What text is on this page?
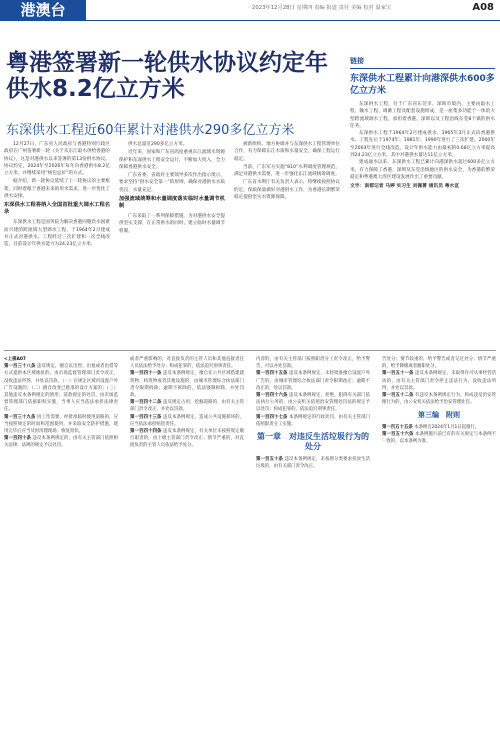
港澳台	2023年12月28日 星期四 责编 报道 责任 美编 校对 温家宝	A08
粤港签署新一轮供水协议约定年供水8.2亿立方米
东深供水工程近60年累计对港供水290多亿立方米

12月27日，广东省人民政府与香港特别行政区政府在广州签署新一轮《关于从东江取水供给香港的协议》，这是对港供水以来签署的第13份供水协议。协议约定，2024年至2026年每年向香港供水8.2亿立方米，并继续采用“统包总价”的方式。

据介绍，新一轮协议延续了上一轮协议的主要框架，同时着眼于香港未来的用水需求，进一步优化了供水安排。

东深供水工程将纳入全国首批重大调水工程名录

东深供水工程是国务院为解决香港同胞饮水困难而兴建的跨流域大型调水工程，于1964年2月建成并正式对港供水。工程经过三次扩建和一次全线改造，目前设计年供水能力为24.23亿立方米。

供水总量近290多亿立方米。

近年来，国家和广东省高度重视东江流域水资源保护和东深供水工程安全运行，不断加大投入，全力保障香港供水安全。

广东省委、省政府主要领导多次作出指示批示，要求坚持“供水安全第一”的原则，确保对港供水水质优良、水量充足。

加强流域统筹和水量调度落实临时水量调节机制

广东采取了一系列保障措施，为对港供水安全提供坚实支撑，在正常供水的同时，建立临时水量调节机制。

被新组织、地方协调并与东深供水工程管理单位合作，有力保障东江水质和水量安全，确保工程运行稳定。

当前，广东军方实施“810”水利调度管理规范，满足对港供水需要，进一步强化东江流域统筹调度。

广东省水利厅有关负责人表示，将继续按照协议约定，保质保量做好对港供水工作，为香港长期繁荣稳定提供坚实水资源保障。

链接
东深供水工程累计向港深供水600多亿立方米

东深供水工程，位于广东省东莞市、深圳市境内，主要由取水工程、输水工程、调蓄工程及配套设施组成，是一座集多功能于一体的大型跨流域调水工程，承担着香港、深圳以及工程沿线东莞8个镇的供水任务。

东深供水工程于1964年2月建成供水，1965年3月正式向香港供水。工程先后于1974年、1981年、1990年进行了三次扩建，2000年至2003年进行全线改造，设计年供水能力由最初的0.68亿立方米提高到24.23亿立方米，其中对港供水量达11亿立方米。

建成通水以来，东深供水工程已累计向港深供水超过600多亿立方米，有力保障了香港、深圳及东莞沿线地区的供水安全，为香港的繁荣稳定和粤港澳大湾区建设发展作出了重要贡献。

文字：南都记者 马婷 实习生 刘佩菁 通讯员 粤水宣

<上接A07

第一百三十八条 违反规定，擅自以出售、出租或者出借等方式提供本区域地址的，由市场监督管理部门责令改正，没收违法所得，并处以罚款。（一）在规定区域内设置户外广告设施的；（二）擅自改变已批准的设计方案的；（三）其他违反本条例规定的情形。前款规定的处罚，由市场监督管理部门依据职权实施，当事人应当依法承担法律责任。

第一百三十九条 因工作需要，经批准临时使用道路的，应当按照规定的时间和范围使用，并采取安全防护措施，使用完毕后应当及时清理现场、恢复原状。

第一百四十条 违反本条例规定的，由有关主管部门依照相关法律、法规的规定予以处罚。

或者严重影响的，对直接负责的主管人员和其他直接责任人员依法给予处分；构成犯罪的，依法追究刑事责任。

第一百四十一条 违反本条例规定，擅自在公共区域搭建建筑物、构筑物或者其他设施的，由城市管理综合执法部门责令限期拆除；逾期不拆除的，依法强制拆除，并处罚款。

第一百四十二条 违反规定占用、挖掘道路的，由有关主管部门责令改正，并处以罚款。

第一百四十三条 违反本条例规定，造成公共设施损坏的，应当依法承担赔偿责任。

第一百四十四条 违反本条例规定，有关单位未按照规定履行职责的，由上级主管部门责令改正；情节严重的，对直接负责的主管人员依法给予处分。

内容的，由有关主管部门按照职责分工责令改正，给予警告，可以并处罚款。

第一百四十五条 违反本条例规定，未经批准擅自设置户外广告的，由城市管理综合执法部门责令限期改正；逾期不改正的，处以罚款。

第一百四十六条 违反本条例规定，拒绝、阻碍有关部门依法执行公务的，由公安机关依照治安管理处罚法的规定予以处罚；构成犯罪的，依法追究刑事责任。

第一百四十七条 本条例规定的行政处罚，由有关主管部门依照职责分工实施。

第一章　对违反生活垃圾行为的处分

第一百五十条 违反本条例规定，未按照分类要求投放生活垃圾的，由有关部门责令改正。

告处分；情节较重的，给予警告或者记过处分；情节严重的，给予降级或者撤职处分。

第一百五十一条 违反本条例规定，未取得许可从事经营活动的，由有关主管部门责令停止违法行为，没收违法所得，并处以罚款。

第一百五十二条 有违反本条例规定行为，构成违反治安管理行为的，由公安机关依法给予治安管理处罚。

第三编　附则

第一百五十五条 本条例自2024年1月1日起施行。

第一百五十六条 本条例施行前已有的有关规定与本条例不一致的，以本条例为准。
